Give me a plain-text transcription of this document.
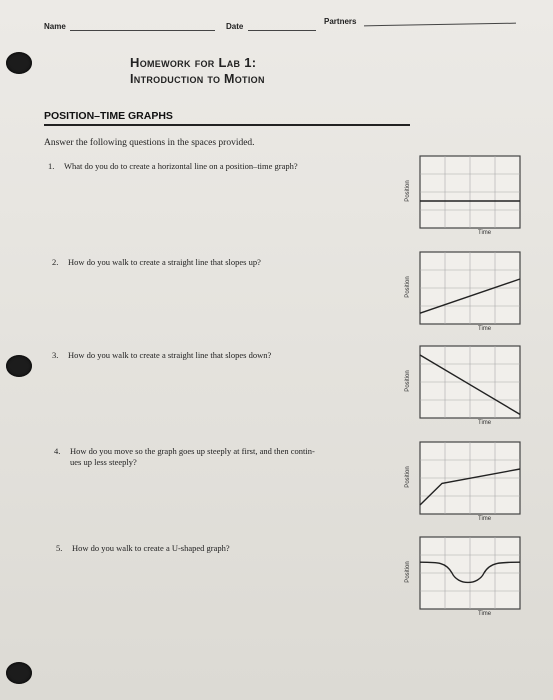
Name	Date
Partners
Homework for Lab 1:
Introduction to Motion
POSITION–TIME GRAPHS
Answer the following questions in the spaces provided.
1. What do you do to create a horizontal line on a position–time graph?
2. How do you walk to create a straight line that slopes up?
3. How do you walk to create a straight line that slopes down?
4. How do you move so the graph goes up steeply at first, and then contin-
ues up less steeply?
5. How do you walk to create a U-shaped graph?
Position
Time
Position
Time
Position
Time
Position
Time
Position
Time
